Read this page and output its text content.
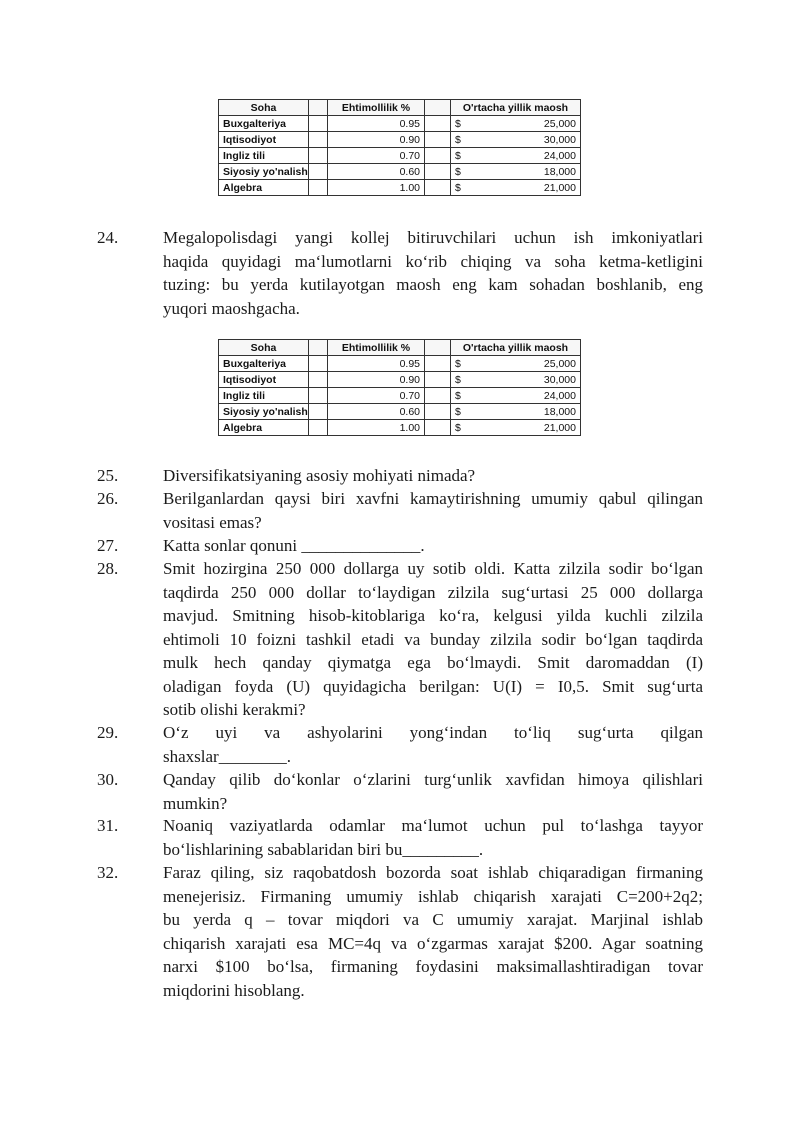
Soha		Ehtimollilik %		O'rtacha yillik maosh	
Buxgalteriya		0.95		$	25,000
Iqtisodiyot		0.90		$	30,000
Ingliz tili		0.70		$	24,000
Siyosiy yo'nalish		0.60		$	18,000
Algebra		1.00		$	21,000
24.	Megalopolisdagi yangi kollej bitiruvchilari uchun ish imkoniyatlari
haqida quyidagi maʻlumotlarni koʻrib chiqing va soha ketma-ketligini
tuzing: bu yerda kutilayotgan maosh eng kam sohadan boshlanib, eng
yuqori maoshgacha.
Soha		Ehtimollilik %		O'rtacha yillik maosh	
Buxgalteriya		0.95		$	25,000
Iqtisodiyot		0.90		$	30,000
Ingliz tili		0.70		$	24,000
Siyosiy yo'nalish		0.60		$	18,000
Algebra		1.00		$	21,000
25.	Diversifikatsiyaning asosiy mohiyati nimada?
26.	Berilganlardan qaysi biri xavfni kamaytirishning umumiy qabul qilingan
vositasi emas?
27.	Katta sonlar qonuni ______________.
28.	Smit hozirgina 250 000 dollarga uy sotib oldi. Katta zilzila sodir boʻlgan
taqdirda 250 000 dollar toʻlaydigan zilzila sugʻurtasi 25 000 dollarga
mavjud. Smitning hisob-kitoblariga koʻra, kelgusi yilda kuchli zilzila
ehtimoli 10 foizni tashkil etadi va bunday zilzila sodir boʻlgan taqdirda
mulk hech qanday qiymatga ega boʻlmaydi. Smit daromaddan (I)
oladigan foyda (U) quyidagicha berilgan: U(I) = I0,5. Smit sugʻurta
sotib olishi kerakmi?
29.	Oʻz uyi va ashyolarini yongʻindan toʻliq sugʻurta qilgan
shaxslar________.
30.	Qanday qilib doʻkonlar oʻzlarini turgʻunlik xavfidan himoya qilishlari
mumkin?
31.	Noaniq vaziyatlarda odamlar maʻlumot uchun pul toʻlashga tayyor
boʻlishlarining sabablaridan biri bu_________.
32.	Faraz qiling, siz raqobatdosh bozorda soat ishlab chiqaradigan firmaning
menejerisiz. Firmaning umumiy ishlab chiqarish xarajati C=200+2q2;
bu yerda q – tovar miqdori va C umumiy xarajat. Marjinal ishlab
chiqarish xarajati esa MC=4q va oʻzgarmas xarajat $200. Agar soatning
narxi $100 boʻlsa, firmaning foydasini maksimallashtiradigan tovar
miqdorini hisoblang.
